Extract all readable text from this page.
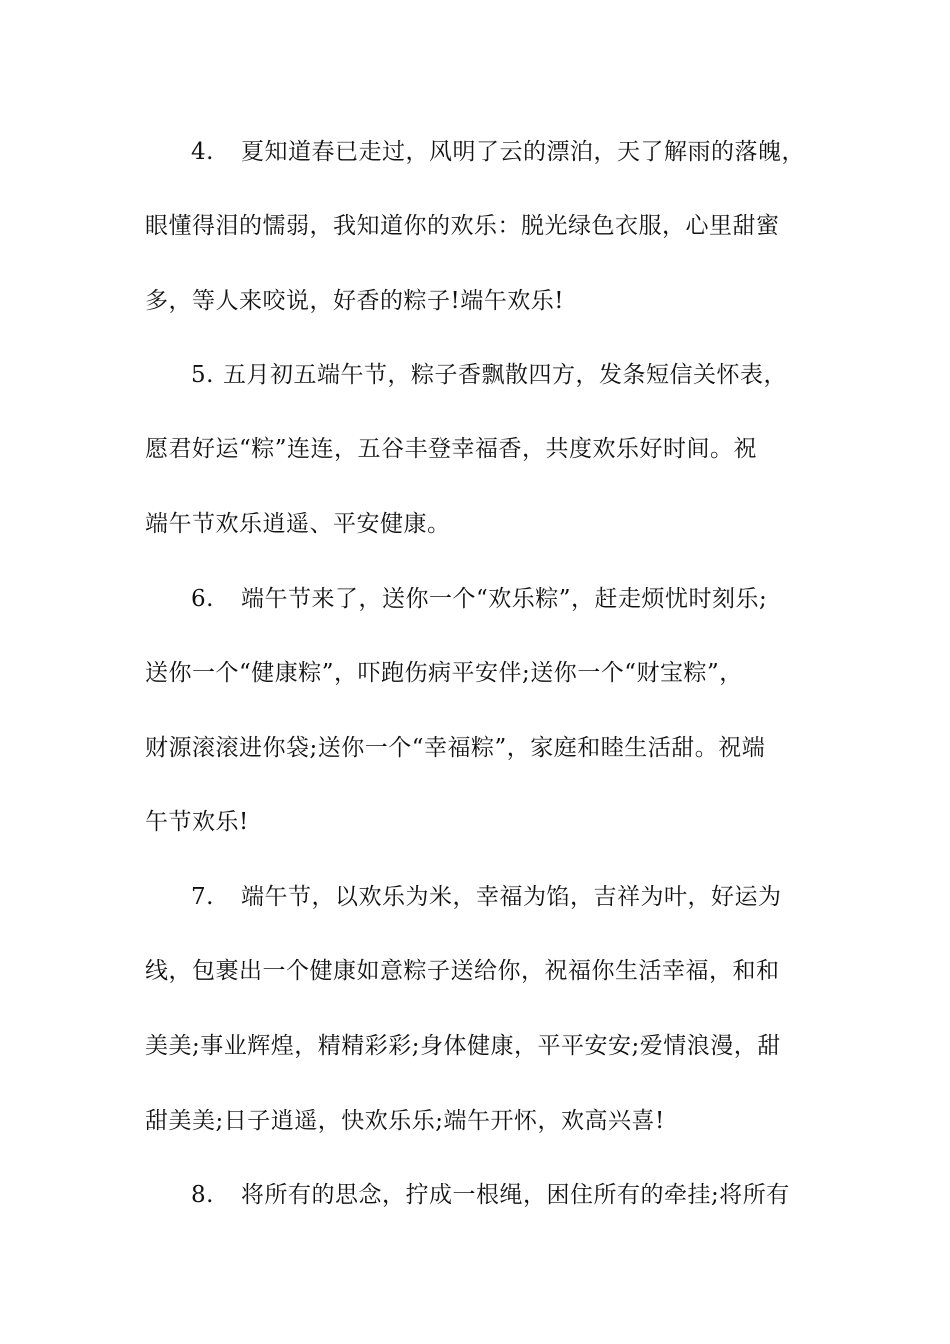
4. 夏知道春已走过，风明了云的漂泊，天了解雨的落魄，
眼懂得泪的懦弱，我知道你的欢乐：脱光绿色衣服，心里甜蜜
多，等人来咬说，好香的粽子!端午欢乐!
5. 五月初五端午节，粽子香飘散四方，发条短信关怀表，
愿君好运“粽”连连，五谷丰登幸福香，共度欢乐好时间。祝
端午节欢乐逍遥、平安健康。
6. 端午节来了，送你一个“欢乐粽”，赶走烦忧时刻乐;
送你一个“健康粽”，吓跑伤病平安伴;送你一个“财宝粽”，
财源滚滚进你袋;送你一个“幸福粽”，家庭和睦生活甜。祝端
午节欢乐!
7. 端午节，以欢乐为米，幸福为馅，吉祥为叶，好运为
线，包裹出一个健康如意粽子送给你，祝福你生活幸福，和和
美美;事业辉煌，精精彩彩;身体健康，平平安安;爱情浪漫，甜
甜美美;日子逍遥，快欢乐乐;端午开怀，欢高兴喜!
8. 将所有的思念，拧成一根绳，困住所有的牵挂;将所有
